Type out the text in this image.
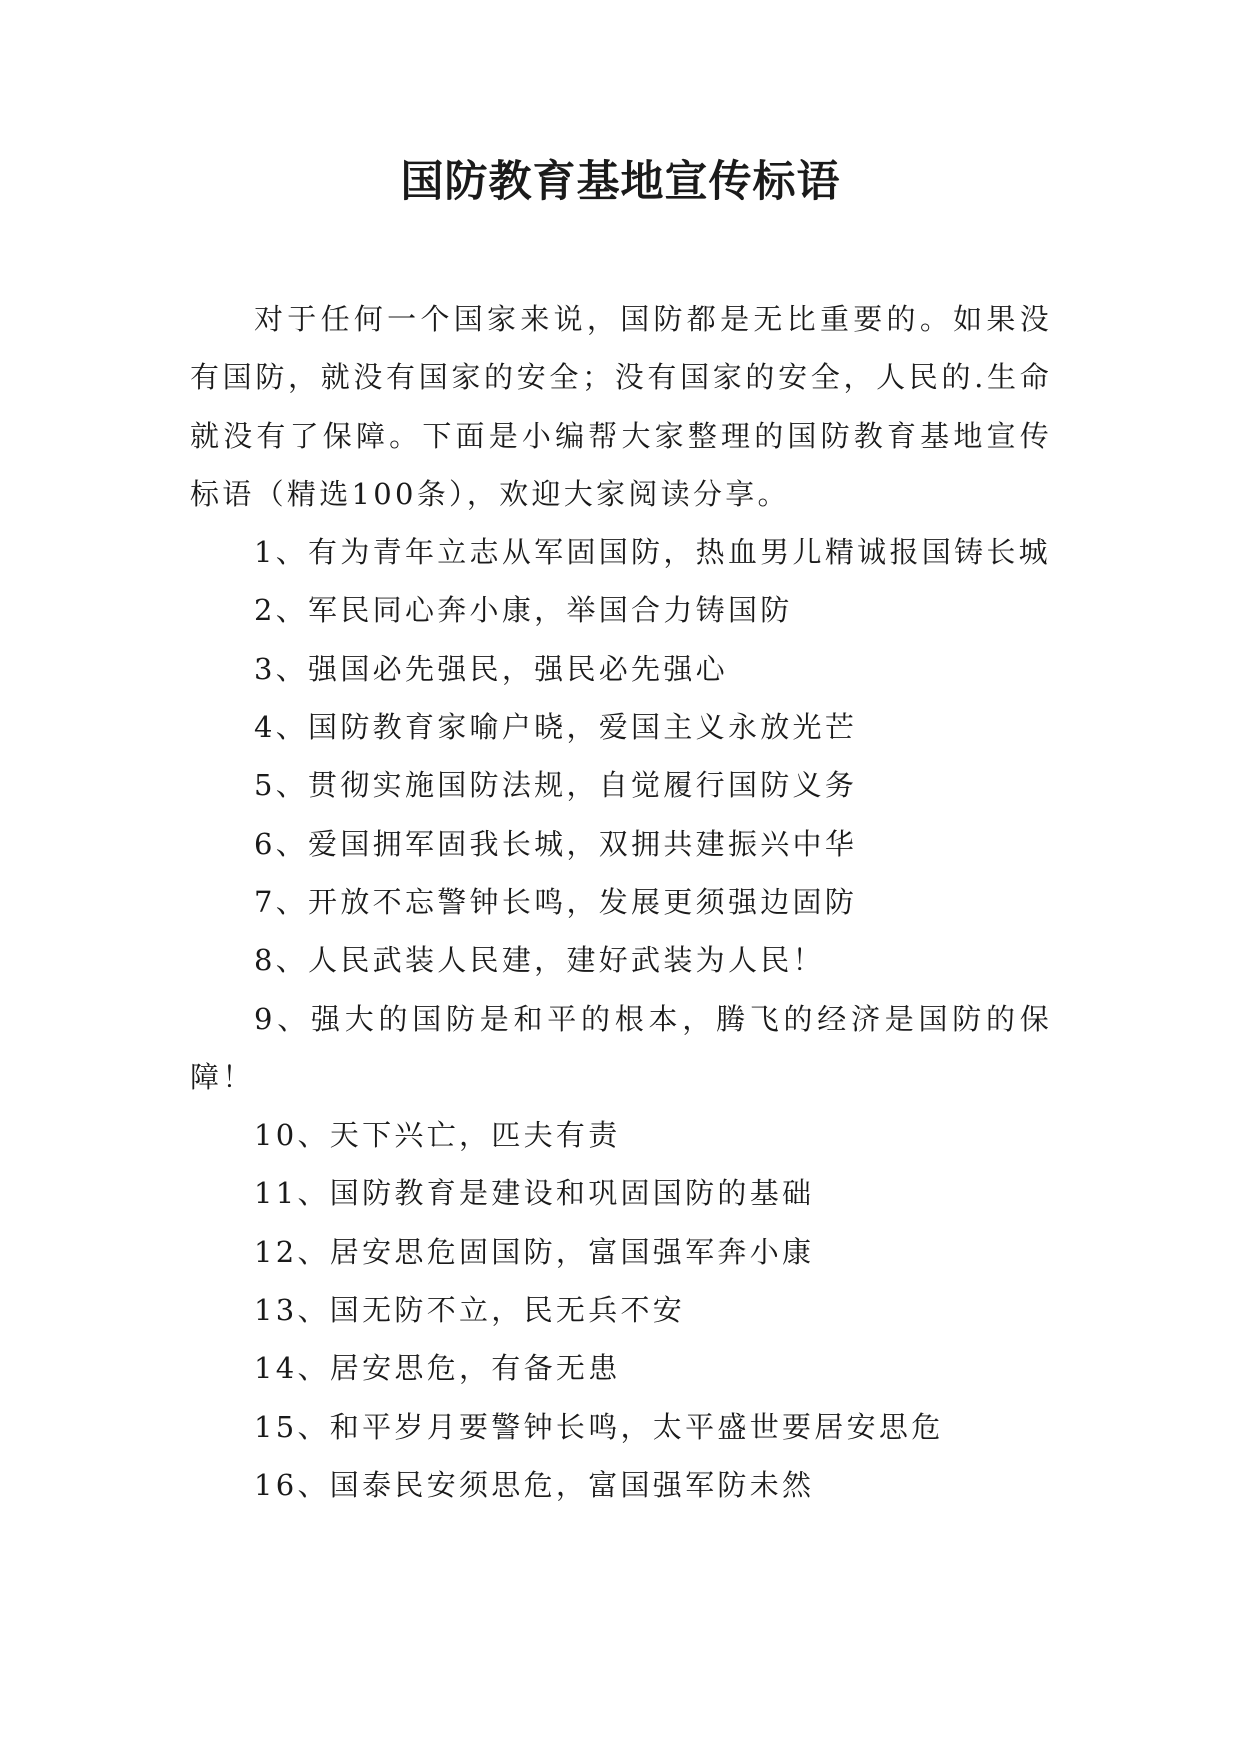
国防教育基地宣传标语

对于任何一个国家来说，国防都是无比重要的。如果没有国防，就没有国家的安全；没有国家的安全，人民的.生命就没有了保障。下面是小编帮大家整理的国防教育基地宣传标语（精选100条），欢迎大家阅读分享。

1、有为青年立志从军固国防，热血男儿精诚报国铸长城

2、军民同心奔小康，举国合力铸国防

3、强国必先强民，强民必先强心

4、国防教育家喻户晓，爱国主义永放光芒

5、贯彻实施国防法规，自觉履行国防义务

6、爱国拥军固我长城，双拥共建振兴中华

7、开放不忘警钟长鸣，发展更须强边固防

8、人民武装人民建，建好武装为人民！

9、强大的国防是和平的根本，腾飞的经济是国防的保障！

10、天下兴亡，匹夫有责

11、国防教育是建设和巩固国防的基础

12、居安思危固国防，富国强军奔小康

13、国无防不立，民无兵不安

14、居安思危，有备无患

15、和平岁月要警钟长鸣，太平盛世要居安思危

16、国泰民安须思危，富国强军防未然
